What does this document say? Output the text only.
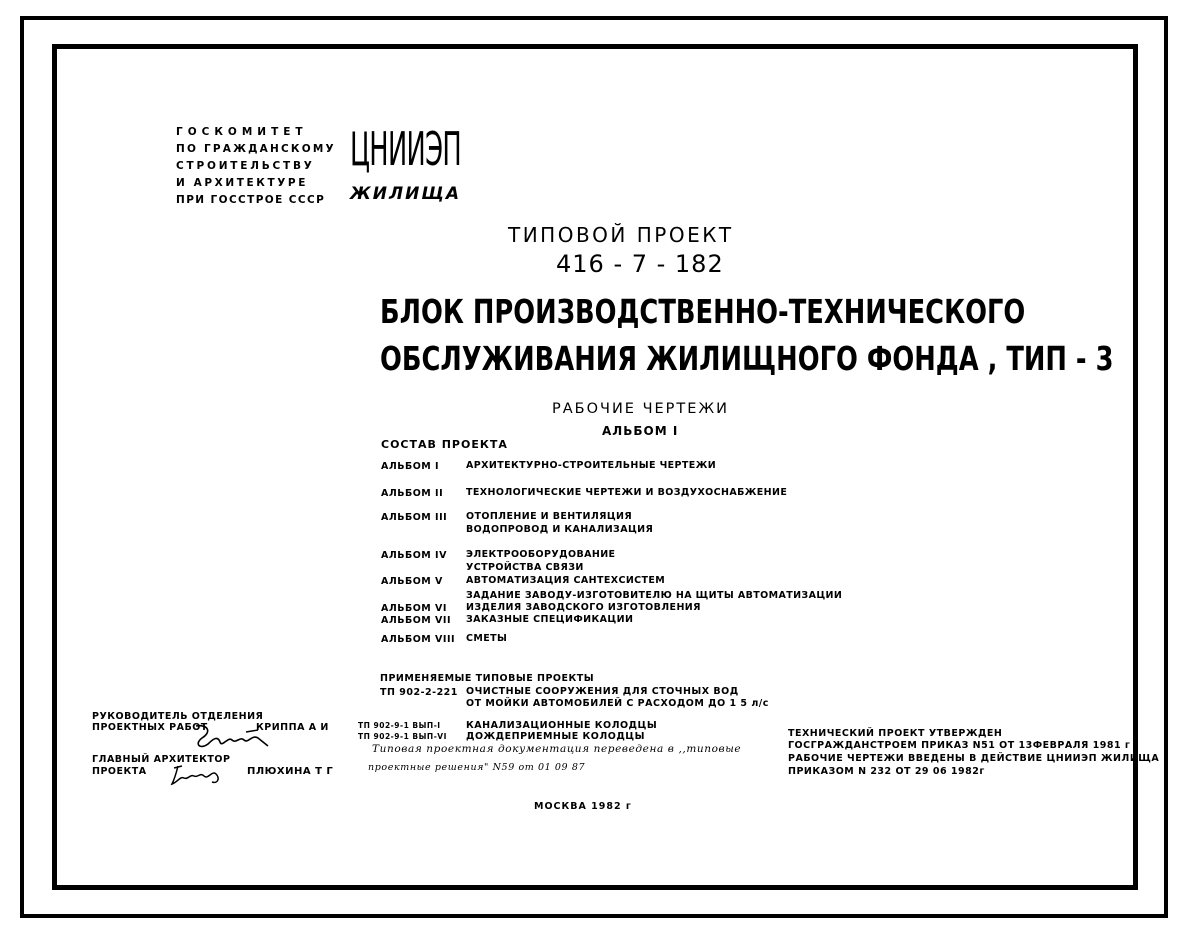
ГОСКОМИТЕТ
ПО ГРАЖДАНСКОМУ
СТРОИТЕЛЬСТВУ
И АРХИТЕКТУРЕ
ПРИ ГОССТРОЕ СССР
ЦНИИЭП
ЖИЛИЩА
ТИПОВОЙ ПРОЕКТ
416 - 7 - 182
БЛОК ПРОИЗВОДСТВЕННО-ТЕХНИЧЕСКОГО
ОБСЛУЖИВАНИЯ ЖИЛИЩНОГО ФОНДА , ТИП - 3
РАБОЧИЕ ЧЕРТЕЖИ
АЛЬБОМ I
СОСТАВ ПРОЕКТА
АЛЬБОМ I	АРХИТЕКТУРНО-СТРОИТЕЛЬНЫЕ ЧЕРТЕЖИ
АЛЬБОМ II ТЕХНОЛОГИЧЕСКИЕ ЧЕРТЕЖИ И ВОЗДУХОСНАБЖЕНИЕ
АЛЬБОМ III ОТОПЛЕНИЕ И ВЕНТИЛЯЦИЯ
ВОДОПРОВОД И КАНАЛИЗАЦИЯ
АЛЬБОМ IV ЭЛЕКТРООБОРУДОВАНИЕ
УСТРОЙСТВА СВЯЗИ
АЛЬБОМ V АВТОМАТИЗАЦИЯ САНТЕХСИСТЕМ
ЗАДАНИЕ ЗАВОДУ-ИЗГОТОВИТЕЛЮ НА ЩИТЫ АВТОМАТИЗАЦИИ
АЛЬБОМ VI ИЗДЕЛИЯ ЗАВОДСКОГО ИЗГОТОВЛЕНИЯ
АЛЬБОМ VII ЗАКАЗНЫЕ СПЕЦИФИКАЦИИ
АЛЬБОМ VIII СМЕТЫ
ПРИМЕНЯЕМЫЕ ТИПОВЫЕ ПРОЕКТЫ
ТП 902-2-221 ОЧИСТНЫЕ СООРУЖЕНИЯ ДЛЯ СТОЧНЫХ ВОД
ОТ МОЙКИ АВТОМОБИЛЕЙ С РАСХОДОМ ДО 1 5 л/с
ТП 902-9-1 ВЫП-I	КАНАЛИЗАЦИОННЫЕ КОЛОДЦЫ
ТП 902-9-1 ВЫП-VI ДОЖДЕПРИЕМНЫЕ КОЛОДЦЫ
Типовая проектная документация переведена в ,,типовые
проектные решения" N59 от 01 09 87
РУКОВОДИТЕЛЬ ОТДЕЛЕНИЯ
ПРОЕКТНЫХ РАБОТ	КРИППА А И
ГЛАВНЫЙ АРХИТЕКТОР
ПРОЕКТА	ПЛЮХИНА Т Г
ТЕХНИЧЕСКИЙ ПРОЕКТ УТВЕРЖДЕН
ГОСГРАЖДАНСТРОЕМ ПРИКАЗ N51 ОТ 13ФЕВРАЛЯ 1981 г
РАБОЧИЕ ЧЕРТЕЖИ ВВЕДЕНЫ В ДЕЙСТВИЕ ЦНИИЭП ЖИЛИЩА
ПРИКАЗОМ N 232 ОТ 29 06 1982г
МОСКВА 1982 г
